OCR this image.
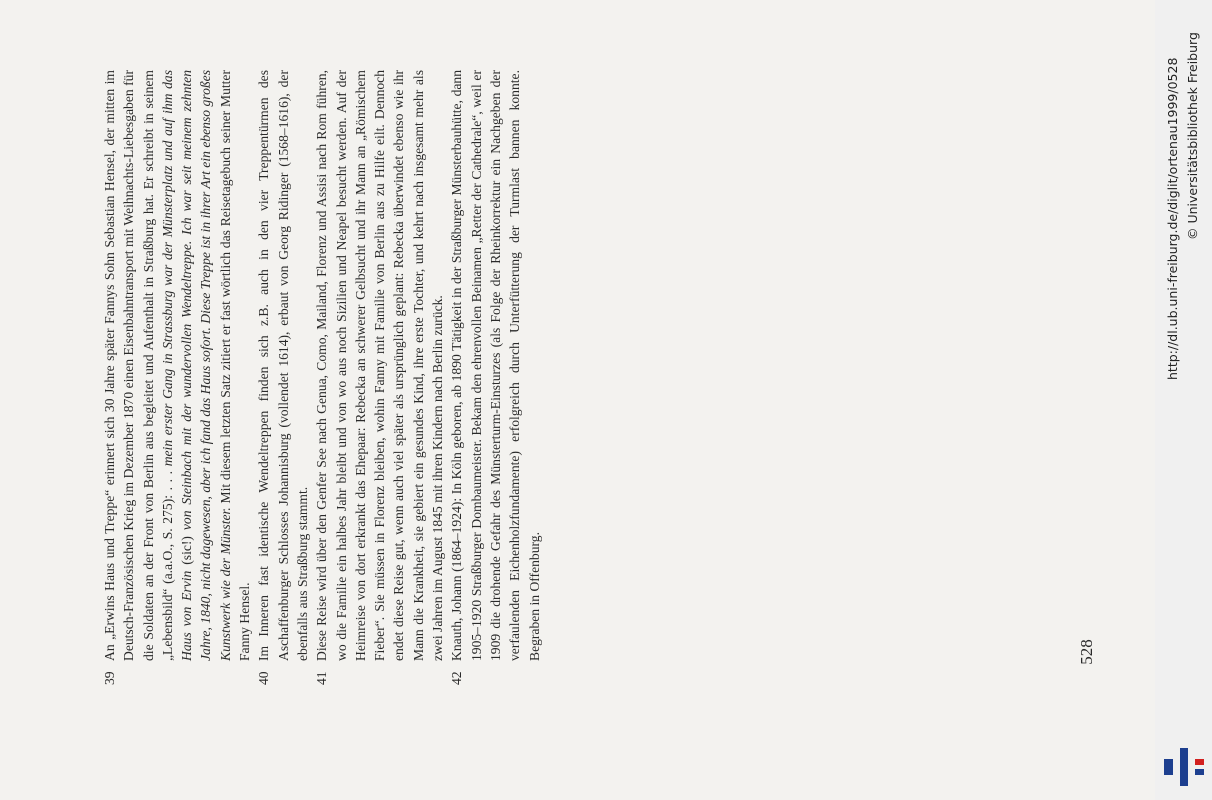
39

An „Erwins Haus und Treppe“ erinnert sich 30 Jahre später Fannys Sohn Sebastian Hensel, der mitten im Deutsch-Französischen Krieg im Dezember 1870 einen Eisenbahntransport mit Weihnachts-Liebesgaben für die Soldaten an der Front von Berlin aus begleitet und Aufenthalt in Straßburg hat. Er schreibt in seinem „Lebensbild“ (a.a.O., S. 275): . . . mein erster Gang in Strassburg war der Münsterplatz und auf ihm das Haus von Ervin (sic!) von Steinbach mit der wundervollen Wendeltreppe. Ich war seit meinem zehnten Jahre, 1840, nicht dagewesen, aber ich fand das Haus sofort. Diese Treppe ist in ihrer Art ein ebenso großes Kunstwerk wie der Münster. Mit diesem letzten Satz zitiert er fast wörtlich das Reisetagebuch seiner Mutter Fanny Hensel.

40

Im Inneren fast identische Wendeltreppen finden sich z.B. auch in den vier Treppentürmen des Aschaffenburger Schlosses Johannisburg (vollendet 1614), erbaut von Georg Ridinger (1568–1616), der ebenfalls aus Straßburg stammt.

41

Diese Reise wird über den Genfer See nach Genua, Como, Mailand, Florenz und Assisi nach Rom führen, wo die Familie ein halbes Jahr bleibt und von wo aus noch Sizilien und Neapel besucht werden. Auf der Heimreise von dort erkrankt das Ehepaar: Rebecka an schwerer Gelbsucht und ihr Mann an „Römischem Fieber“. Sie müssen in Florenz bleiben, wohin Fanny mit Familie von Berlin aus zu Hilfe eilt. Dennoch endet diese Reise gut, wenn auch viel später als ursprünglich geplant: Rebecka überwindet ebenso wie ihr Mann die Krankheit, sie gebiert ein gesundes Kind, ihre erste Tochter, und kehrt nach insgesamt mehr als zwei Jahren im August 1845 mit ihren Kindern nach Berlin zurück.

42

Knauth, Johann (1864–1924): In Köln geboren, ab 1890 Tätigkeit in der Straßburger Münsterbauhütte, dann 1905–1920 Straßburger Dombaumeister. Bekam den ehrenvollen Beinamen „Retter der Cathedrale“, weil er 1909 die drohende Gefahr des Münsterturm-Einsturzes (als Folge der Rheinkorrektur ein Nachgeben der verfaulenden Eichenholzfundamente) erfolgreich durch Unterfütterung der Turmlast bannen konnte. Begraben in Offenburg.	528
http://dl.ub.uni-freiburg.de/diglit/ortenau1999/0528 © Universitätsbibliothek Freiburg
